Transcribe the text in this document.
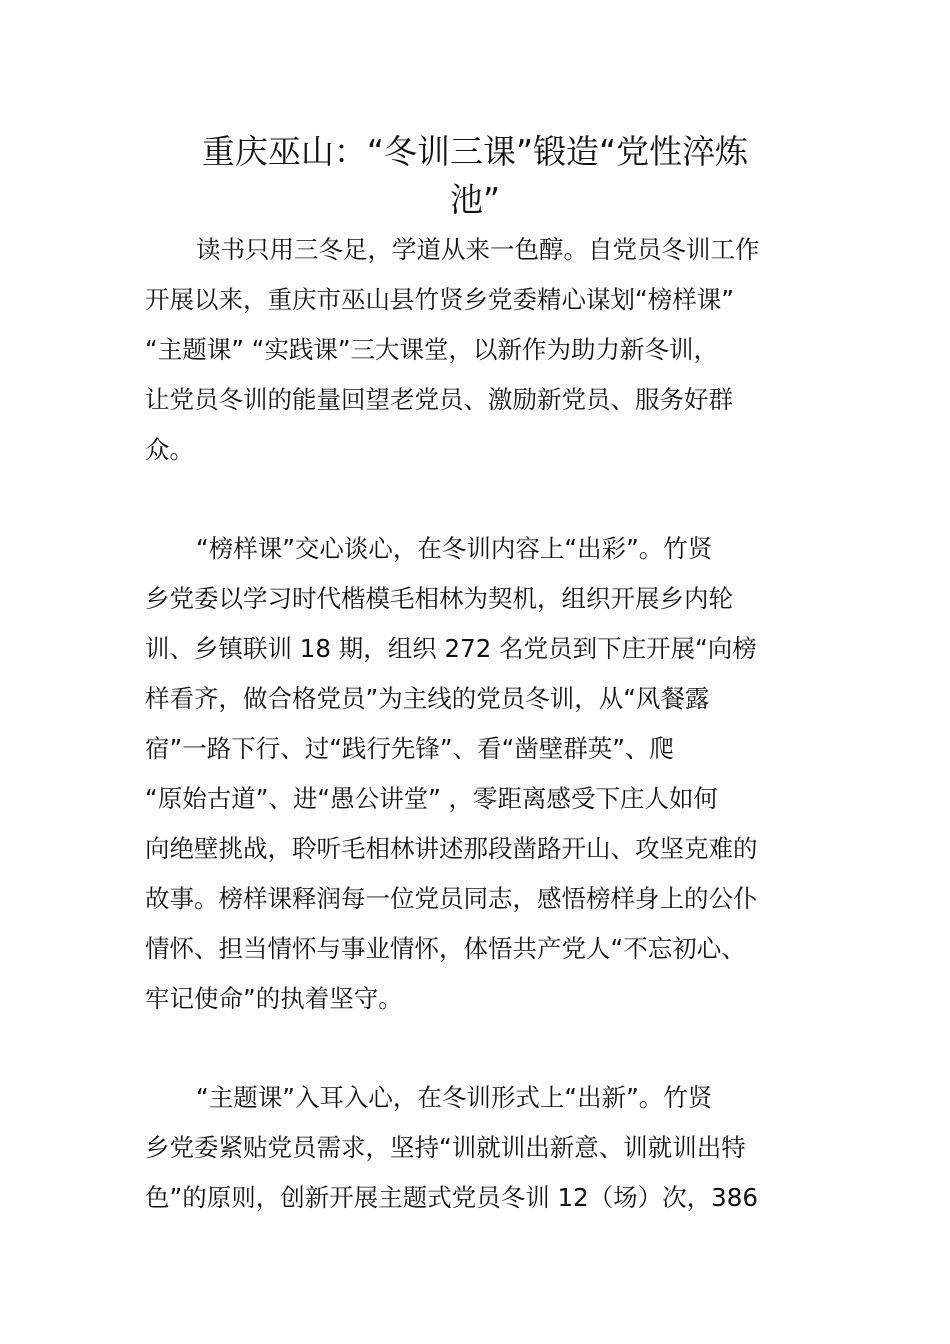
重庆巫山：“冬训三课”锻造“党性淬炼
池”

读书只用三冬足，学道从来一色醇。自党员冬训工作

开展以来，重庆市巫山县竹贤乡党委精心谋划“榜样课”

“主题课” “实践课”三大课堂，以新作为助力新冬训，

让党员冬训的能量回望老党员、激励新党员、服务好群

众。

“榜样课”交心谈心，在冬训内容上“出彩”。竹贤

乡党委以学习时代楷模毛相林为契机，组织开展乡内轮

训、乡镇联训 18 期，组织 272 名党员到下庄开展“向榜

样看齐，做合格党员”为主线的党员冬训，从“风餐露

宿”一路下行、过“践行先锋”、看“凿壁群英”、爬

“原始古道”、进“愚公讲堂” ，零距离感受下庄人如何

向绝壁挑战，聆听毛相林讲述那段凿路开山、攻坚克难的

故事。榜样课释润每一位党员同志，感悟榜样身上的公仆

情怀、担当情怀与事业情怀，体悟共产党人“不忘初心、

牢记使命”的执着坚守。

“主题课”入耳入心，在冬训形式上“出新”。竹贤

乡党委紧贴党员需求，坚持“训就训出新意、训就训出特

色”的原则，创新开展主题式党员冬训 12（场）次，386
